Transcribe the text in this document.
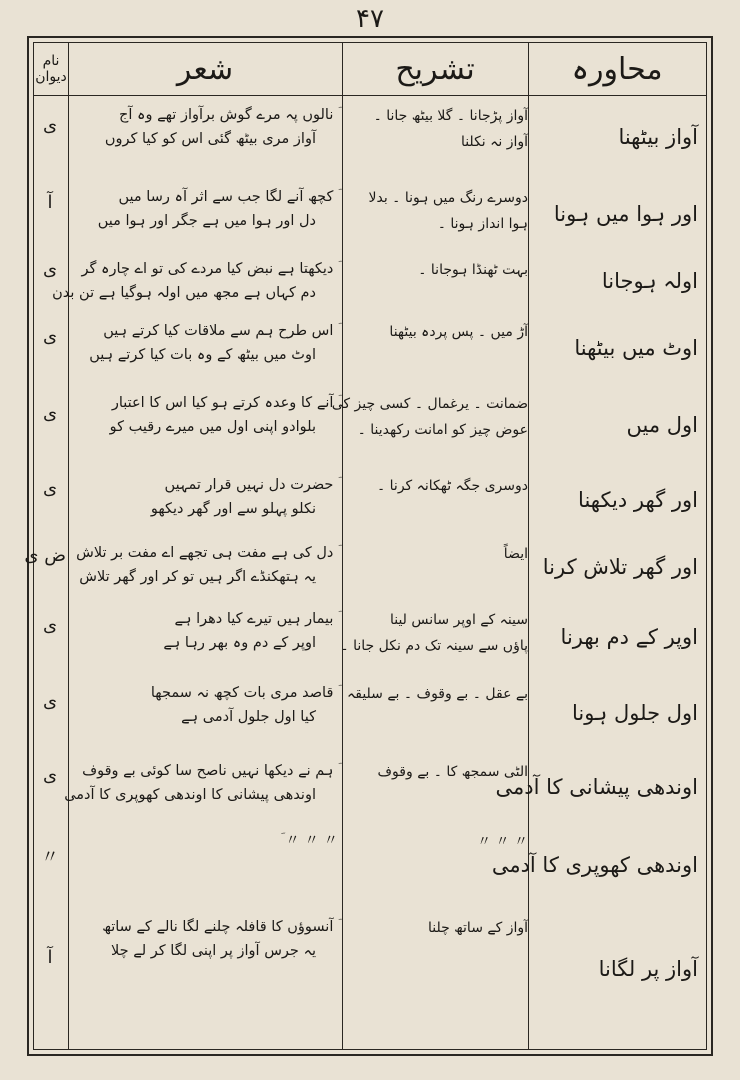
۴۷
محاورہ
تشریح
شعر
نام دیوان
آواز بیٹھنا
آواز پڑجانا ۔ گلا بیٹھ جانا ۔
آواز نہ نکلنا
ؔ نالوں پہ مرے گوش برآواز تھے وہ آج
آواز مری بیٹھ گئی اس کو کیا کروں
ی
اور ہوا میں ہونا
دوسرے رنگ میں ہونا ۔ بدلا
ہوا انداز ہونا ۔
ؔ کچھ آنے لگا جب سے اثر آہ رسا میں
دل اور ہوا میں ہے جگر اور ہوا میں
آ
اولہ ہوجانا
بہت ٹھنڈا ہوجانا ۔
ؔ دیکھتا ہے نبض کیا مردے کی تو اے چارہ گر
دم کہاں ہے مجھ میں اولہ ہوگیا ہے تن بدن
ی
اوٹ میں بیٹھنا
آڑ میں ۔ پس پردہ بیٹھنا
ؔ اس طرح ہم سے ملاقات کیا کرتے ہیں
اوٹ میں بیٹھ کے وہ بات کیا کرتے ہیں
ی
اول میں
ضمانت ۔ یرغمال ۔ کسی چیز کی
عوض چیز کو امانت رکھدینا ۔
ؔ آنے کا وعدہ کرتے ہو کیا اس کا اعتبار
بلوادو اپنی اول میں میرے رقیب کو
ی
اور گھر دیکھنا
دوسری جگہ ٹھکانہ کرنا ۔
ؔ حضرت دل نہیں قرار تمہیں
نکلو پہلو سے اور گھر دیکھو
ی
اور گھر تلاش کرنا
ایضاً
ؔ دل کی ہے مفت ہی تجھے اے مفت بر تلاش
یہ ہتھکنڈے اگر ہیں تو کر اور گھر تلاش
ض ی
اوپر کے دم بھرنا
سینہ کے اوپر سانس لینا
پاؤں سے سینہ تک دم نکل جانا ۔
ؔ بیمار ہیں تیرے کیا دھرا ہے
اوپر کے دم وہ بھر رہا ہے
ی
اول جلول ہونا
بے عقل ۔ بے وقوف ۔ بے سلیقہ
ؔ قاصد مری بات کچھ نہ سمجھا
کیا اول جلول آدمی ہے
ی
اوندھی پیشانی کا آدمی
الٹی سمجھ کا ۔ بے وقوف
ؔ ہم نے دیکھا نہیں ناصح سا کوئی بے وقوف
اوندھی پیشانی کا اوندھی کھوپری کا آدمی
ی
اوندھی کھوپری کا آدمی
〃 〃 〃
〃 〃 〃 ؔ
〃
آواز پر لگانا
آواز کے ساتھ چلنا
ؔ آنسوؤں کا قافلہ چلنے لگا نالے کے ساتھ
یہ جرس آواز پر اپنی لگا کر لے چلا
آ
